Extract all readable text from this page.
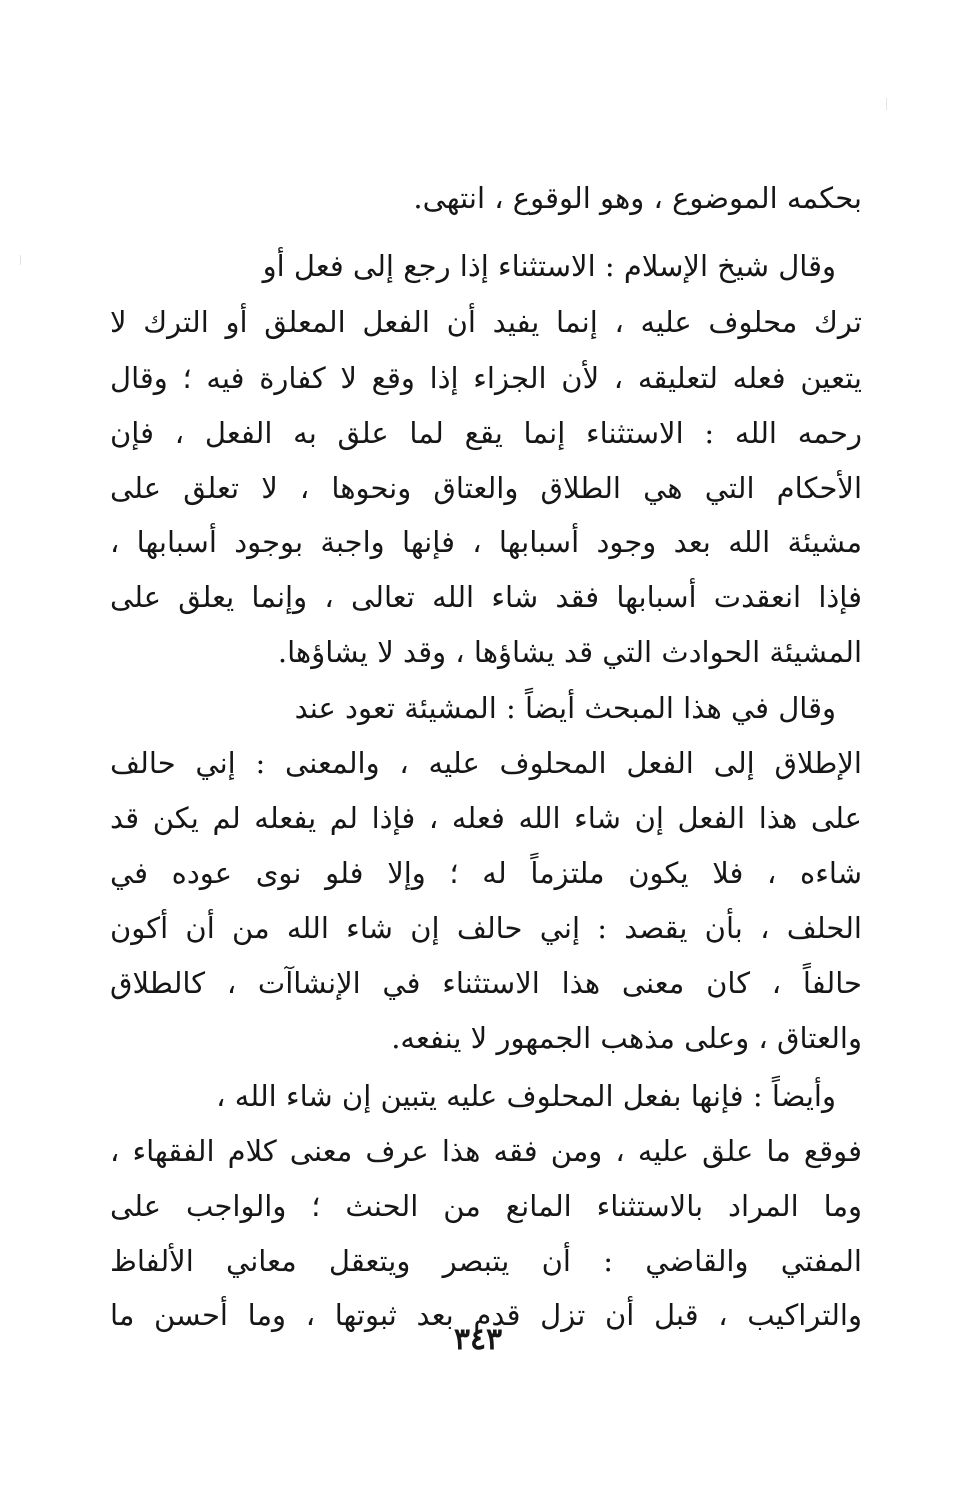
بحكمه الموضوع ، وهو الوقوع ، انتهى.
وقال شيخ الإسلام : الاستثناء إذا رجع إلى فعل أو
ترك محلوف عليه ، إنما يفيد أن الفعل المعلق أو الترك لا
يتعين فعله لتعليقه ، لأن الجزاء إذا وقع لا كفارة فيه ؛ وقال
رحمه الله : الاستثناء إنما يقع لما علق به الفعل ، فإن
الأحكام التي هي الطلاق والعتاق ونحوها ، لا تعلق على
مشيئة الله بعد وجود أسبابها ، فإنها واجبة بوجود أسبابها ،
فإذا انعقدت أسبابها فقد شاء الله تعالى ، وإنما يعلق على
المشيئة الحوادث التي قد يشاؤها ، وقد لا يشاؤها.
وقال في هذا المبحث أيضاً : المشيئة تعود عند
الإطلاق إلى الفعل المحلوف عليه ، والمعنى : إني حالف
على هذا الفعل إن شاء الله فعله ، فإذا لم يفعله لم يكن قد
شاءه ، فلا يكون ملتزماً له ؛ وإلا فلو نوى عوده في
الحلف ، بأن يقصد : إني حالف إن شاء الله من أن أكون
حالفاً ، كان معنى هذا الاستثناء في الإنشاآت ، كالطلاق
والعتاق ، وعلى مذهب الجمهور لا ينفعه.
وأيضاً : فإنها بفعل المحلوف عليه يتبين إن شاء الله ،
فوقع ما علق عليه ، ومن فقه هذا عرف معنى كلام الفقهاء ،
وما المراد بالاستثناء المانع من الحنث ؛ والواجب على
المفتي والقاضي : أن يتبصر ويتعقل معاني الألفاظ
والتراكيب ، قبل أن تزل قدم بعد ثبوتها ، وما أحسن ما
٣٤٣
